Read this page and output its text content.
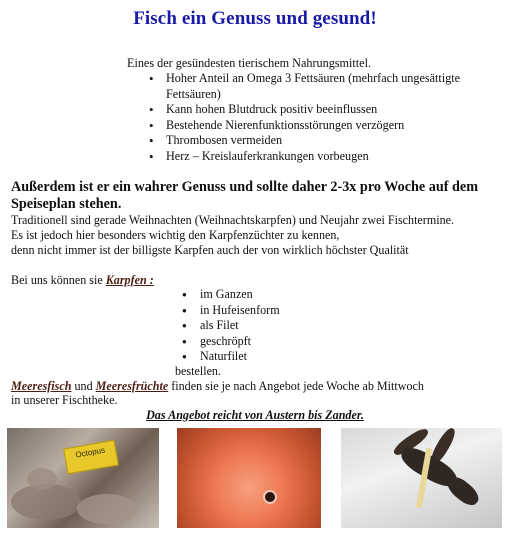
Fisch ein Genuss und gesund!
Eines der gesündesten tierischem Nahrungsmittel.
• Hoher Anteil an Omega 3 Fettsäuren (mehrfach ungesättigte Fettsäuren)
• Kann hohen Blutdruck positiv beeinflussen
• Bestehende Nierenfunktionsstörungen verzögern
• Thrombosen vermeiden
• Herz – Kreislauferkrankungen vorbeugen
Außerdem ist er ein wahrer Genuss und sollte daher 2-3x pro Woche auf dem Speiseplan stehen.
Traditionell sind gerade Weihnachten (Weihnachtskarpfen) und Neujahr zwei Fischtermine.
Es ist jedoch hier besonders wichtig den Karpfenzüchter zu kennen,
denn nicht immer ist der billigste Karpfen auch der von wirklich höchster Qualität
Bei uns können sie Karpfen :
● im Ganzen
● in Hufeisenform
● als Filet
● geschröpft
● Naturfilet
bestellen.
Meeresfisch und Meeresfrüchte finden sie je nach Angebot jede Woche ab Mittwoch
in unserer Fischtheke.
Das Angebot reicht von Austern bis Zander.
Octopus
